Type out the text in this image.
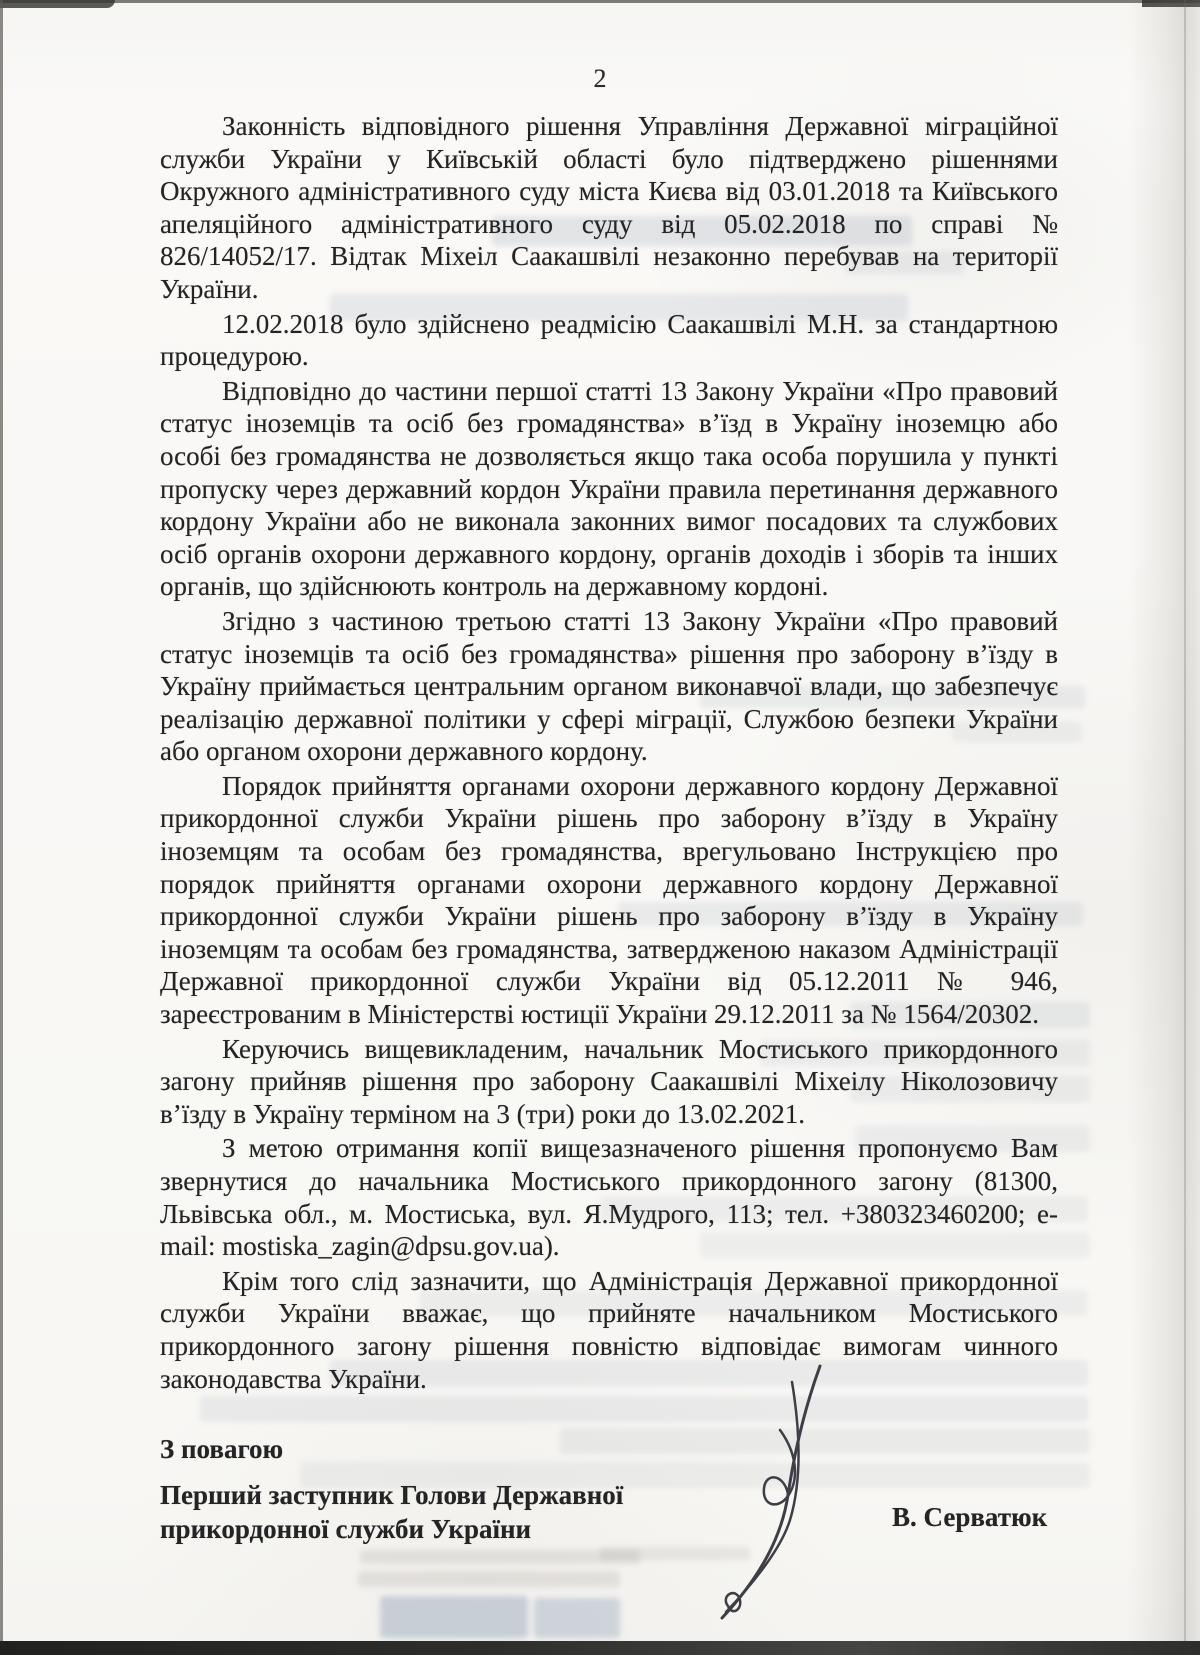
2

Законність відповідного рішення Управління Державної міграційної служби України у Київській області було підтверджено рішеннями Окружного адміністративного суду міста Києва від 03.01.2018 та Київського апеляційного адміністративного суду від 05.02.2018 по справі № 826/14052/17. Відтак Міхеіл Саакашвілі незаконно перебував на території України.

12.02.2018 було здійснено реадмісію Саакашвілі М.Н. за стандартною процедурою.

Відповідно до частини першої статті 13 Закону України «Про правовий статус іноземців та осіб без громадянства» в’їзд в Україну іноземцю або особі без громадянства не дозволяється якщо така особа порушила у пункті пропуску через державний кордон України правила перетинання державного кордону України або не виконала законних вимог посадових та службових осіб органів охорони державного кордону, органів доходів і зборів та інших органів, що здійснюють контроль на державному кордоні.

Згідно з частиною третьою статті 13 Закону України «Про правовий статус іноземців та осіб без громадянства» рішення про заборону в’їзду в Україну приймається центральним органом виконавчої влади, що забезпечує реалізацію державної політики у сфері міграції, Службою безпеки України або органом охорони державного кордону.

Порядок прийняття органами охорони державного кордону Державної прикордонної служби України рішень про заборону в’їзду в Україну іноземцям та особам без громадянства, врегульовано Інструкцією про порядок прийняття органами охорони державного кордону Державної прикордонної служби України рішень про заборону в’їзду в Україну іноземцям та особам без громадянства, затвердженою наказом Адміністрації Державної прикордонної служби України від 05.12.2011 № 946, зареєстрованим в Міністерстві юстиції України 29.12.2011 за № 1564/20302.

Керуючись вищевикладеним, начальник Мостиського прикордонного загону прийняв рішення про заборону Саакашвілі Міхеілу Ніколозовичу в’їзду в Україну терміном на 3 (три) роки до 13.02.2021.

З метою отримання копії вищезазначеного рішення пропонуємо Вам звернутися до начальника Мостиського прикордонного загону (81300, Львівська обл., м. Мостиська, вул. Я.Мудрого, 113; тел. +380323460200; e-mail: mostiska_zagin@dpsu.gov.ua).

Крім того слід зазначити, що Адміністрація Державної прикордонної служби України вважає, що прийняте начальником Мостиського прикордонного загону рішення повністю відповідає вимогам чинного законодавства України.

З повагою
Перший заступник Голови Державної прикордонної служби України	В. Серватюк
